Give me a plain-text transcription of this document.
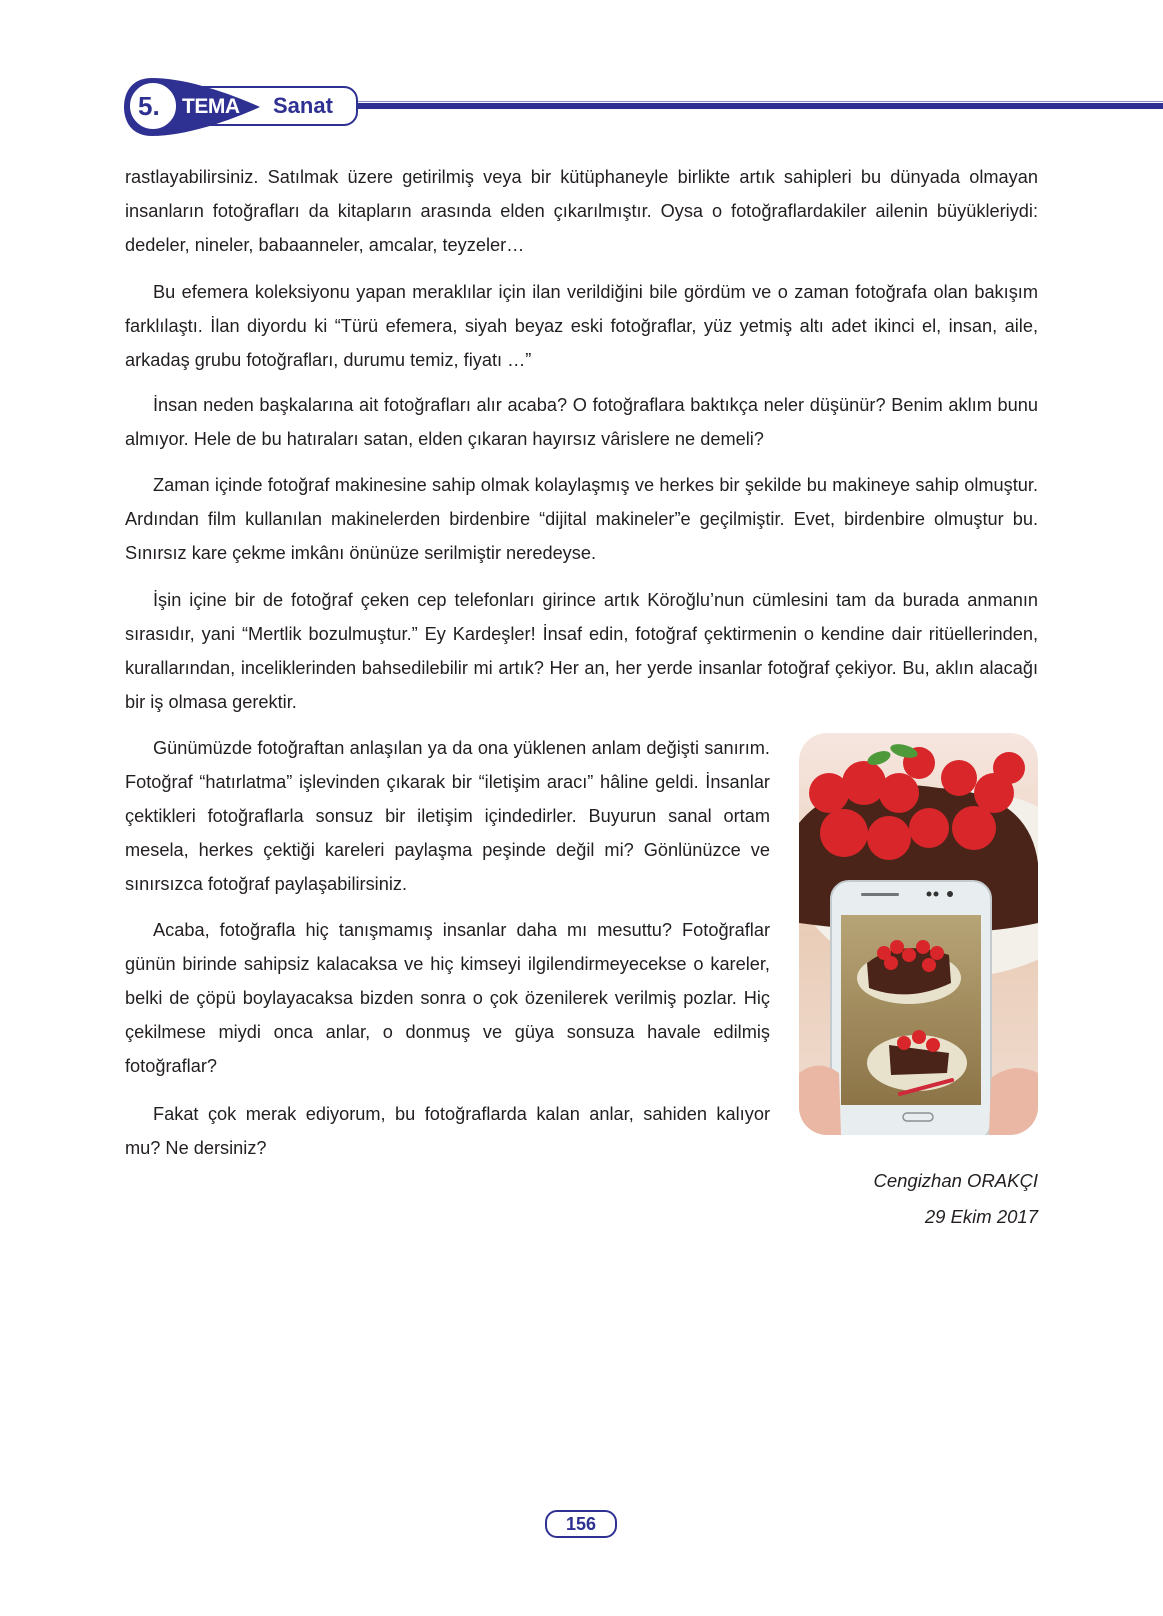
5. TEMA Sanat

rastlayabilirsiniz. Satılmak üzere getirilmiş veya bir kütüphaneyle birlikte artık sahipleri bu dünyada olmayan insanların fotoğrafları da kitapların arasında elden çıkarılmıştır. Oysa o fotoğraflardakiler ailenin büyükleriydi: dedeler, nineler, babaanneler, amcalar, teyzeler…

Bu efemera koleksiyonu yapan meraklılar için ilan verildiğini bile gördüm ve o zaman fotoğrafa olan bakışım farklılaştı. İlan diyordu ki “Türü efemera, siyah beyaz eski fotoğraflar, yüz yetmiş altı adet ikinci el, insan, aile, arkadaş grubu fotoğrafları, durumu temiz, fiyatı …”

İnsan neden başkalarına ait fotoğrafları alır acaba? O fotoğraflara baktıkça neler düşünür? Benim aklım bunu almıyor. Hele de bu hatıraları satan, elden çıkaran hayırsız vârislere ne demeli?

Zaman içinde fotoğraf makinesine sahip olmak kolaylaşmış ve herkes bir şekilde bu makineye sahip olmuştur. Ardından film kullanılan makinelerden birdenbire “dijital makineler”e geçilmiştir. Evet, birdenbire olmuştur bu. Sınırsız kare çekme imkânı önünüze serilmiştir neredeyse.

İşin içine bir de fotoğraf çeken cep telefonları girince artık Köroğlu’nun cümlesini tam da burada anmanın sırasıdır, yani “Mertlik bozulmuştur.” Ey Kardeşler! İnsaf edin, fotoğraf çektirmenin o kendine dair ritüellerinden, kurallarından, inceliklerinden bahsedilebilir mi artık? Her an, her yerde insanlar fotoğraf çekiyor. Bu, aklın alacağı bir iş olmasa gerektir.

Günümüzde fotoğraftan anlaşılan ya da ona yüklenen anlam değişti sanırım. Fotoğraf “hatırlatma” işlevinden çıkarak bir “iletişim aracı” hâline geldi. İnsanlar çektikleri fotoğraflarla sonsuz bir iletişim içindedirler. Buyurun sanal ortam mesela, herkes çektiği kareleri paylaşma peşinde değil mi? Gönlünüzce ve sınırsızca fotoğraf paylaşabilirsiniz.

Acaba, fotoğrafla hiç tanışmamış insanlar daha mı mesuttu? Fotoğraflar günün birinde sahipsiz kalacaksa ve hiç kimseyi ilgilendirmeyecekse o kareler, belki de çöpü boylayacaksa bizden sonra o çok özenilerek verilmiş pozlar. Hiç çekilmese miydi onca anlar, o donmuş ve güya sonsuza havale edilmiş fotoğraflar?

Fakat çok merak ediyorum, bu fotoğraflarda kalan anlar, sahiden kalıyor mu? Ne dersiniz?

Cengizhan ORAKÇI
29 Ekim 2017
156
